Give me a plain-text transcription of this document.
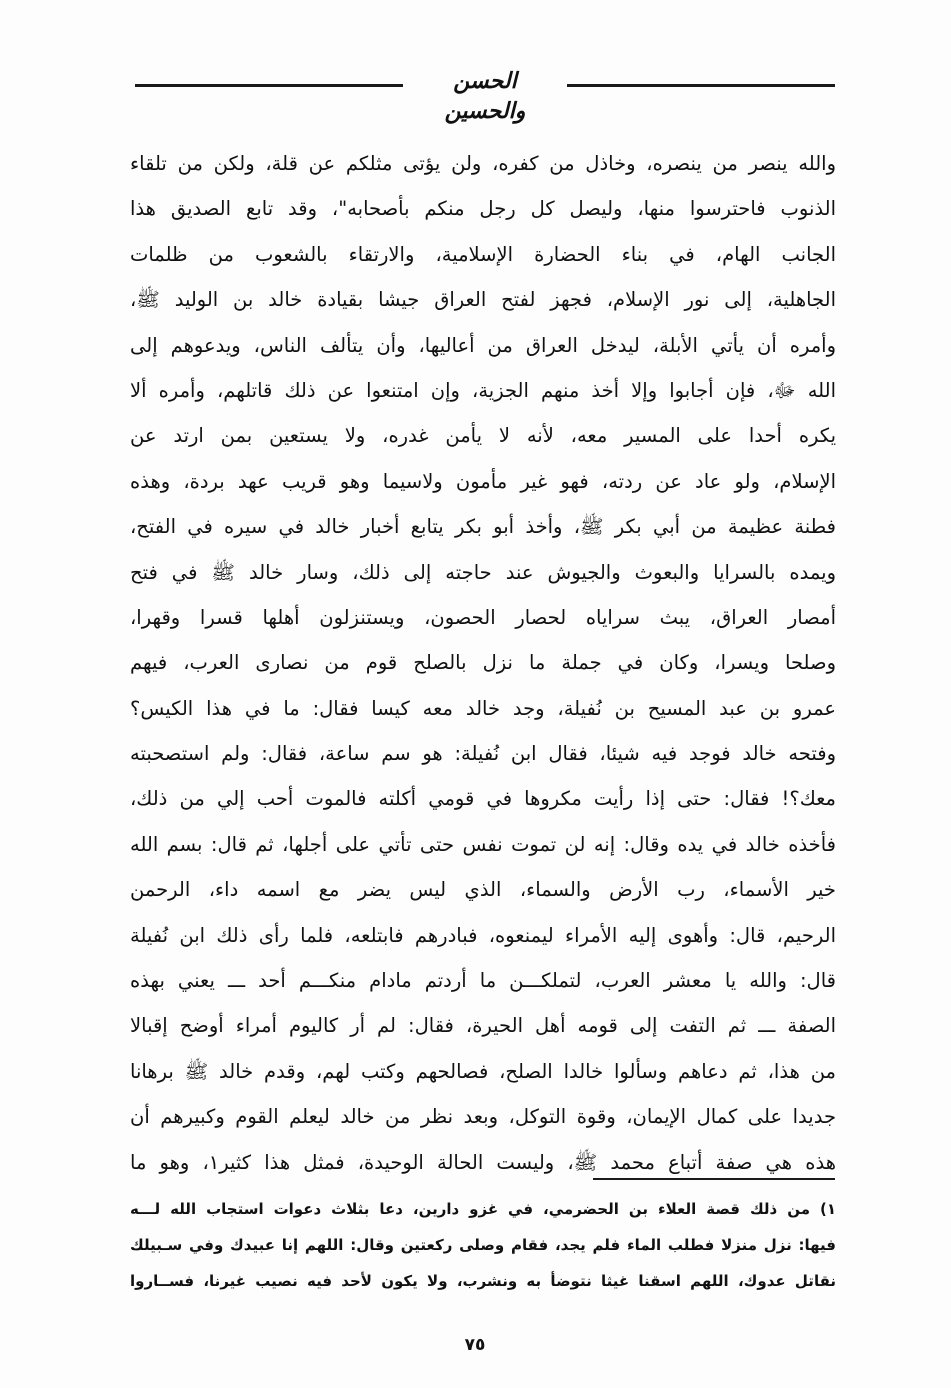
الحسن والحسين
والله ينصر من ينصره، وخاذل من كفره، ولن يؤتى مثلكم عن قلة، ولكن من تلقاء
الذنوب فاحترسوا منها، وليصل كل رجل منكم بأصحابه"، وقد تابع الصديق هذا
الجانب الهام، في بناء الحضارة الإسلامية، والارتقاء بالشعوب من ظلمات
الجاهلية، إلى نور الإسلام، فجهز لفتح العراق جيشا بقيادة خالد بن الوليد ﷺ،
وأمره أن يأتي الأبلة، ليدخل العراق من أعاليها، وأن يتألف الناس، ويدعوهم إلى
الله ﷻ، فإن أجابوا وإلا أخذ منهم الجزية، وإن امتنعوا عن ذلك قاتلهم، وأمره ألا
يكره أحدا على المسير معه، لأنه لا يأمن غدره، ولا يستعين بمن ارتد عن
الإسلام، ولو عاد عن ردته، فهو غير مأمون ولاسيما وهو قريب عهد بردة، وهذه
فطنة عظيمة من أبي بكر ﷺ، وأخذ أبو بكر يتابع أخبار خالد في سيره في الفتح،
ويمده بالسرايا والبعوث والجيوش عند حاجته إلى ذلك، وسار خالد ﷺ في فتح
أمصار العراق، يبث سراياه لحصار الحصون، ويستنزلون أهلها قسرا وقهرا،
وصلحا ويسرا، وكان في جملة ما نزل بالصلح قوم من نصارى العرب، فيهم
عمرو بن عبد المسيح بن نُفيلة، وجد خالد معه كيسا فقال: ما في هذا الكيس؟
وفتحه خالد فوجد فيه شيئا، فقال ابن نُفيلة: هو سم ساعة، فقال: ولم استصحبته
معك؟! فقال: حتى إذا رأيت مكروها في قومي أكلته فالموت أحب إلي من ذلك،
فأخذه خالد في يده وقال: إنه لن تموت نفس حتى تأتي على أجلها، ثم قال: بسم الله
خير الأسماء، رب الأرض والسماء، الذي ليس يضر مع اسمه داء، الرحمن
الرحيم، قال: وأهوى إليه الأمراء ليمنعوه، فبادرهم فابتلعه، فلما رأى ذلك ابن نُفيلة
قال: والله يا معشر العرب، لتملكـــن ما أردتم مادام منكـــم أحد ـــ يعني بهذه
الصفة ـــ ثم التفت إلى قومه أهل الحيرة، فقال: لم أر كاليوم أمراء أوضح إقبالا
من هذا، ثم دعاهم وسألوا خالدا الصلح، فصالحهم وكتب لهم، وقدم خالد ﷺ برهانا
جديدا على كمال الإيمان، وقوة التوكل، وبعد نظر من خالد ليعلم القوم وكبيرهم أن
هذه هي صفة أتباع محمد ﷺ، وليست الحالة الوحيدة، فمثل هذا كثير١، وهو ما
١) من ذلك قصة العلاء بن الحضرمي، في غزو دارين، دعا بثلاث دعوات استجاب الله لـــه
فيها: نزل منزلا فطلب الماء فلم يجد، فقام وصلى ركعتين وقال: اللهم إنا عبيدك وفي سـبيلك
نقاتل عدوك، اللهم اسقنا غيثا نتوضأ به ونشرب، ولا يكون لأحد فيه نصيب غيرنا، فســاروا
٧٥
